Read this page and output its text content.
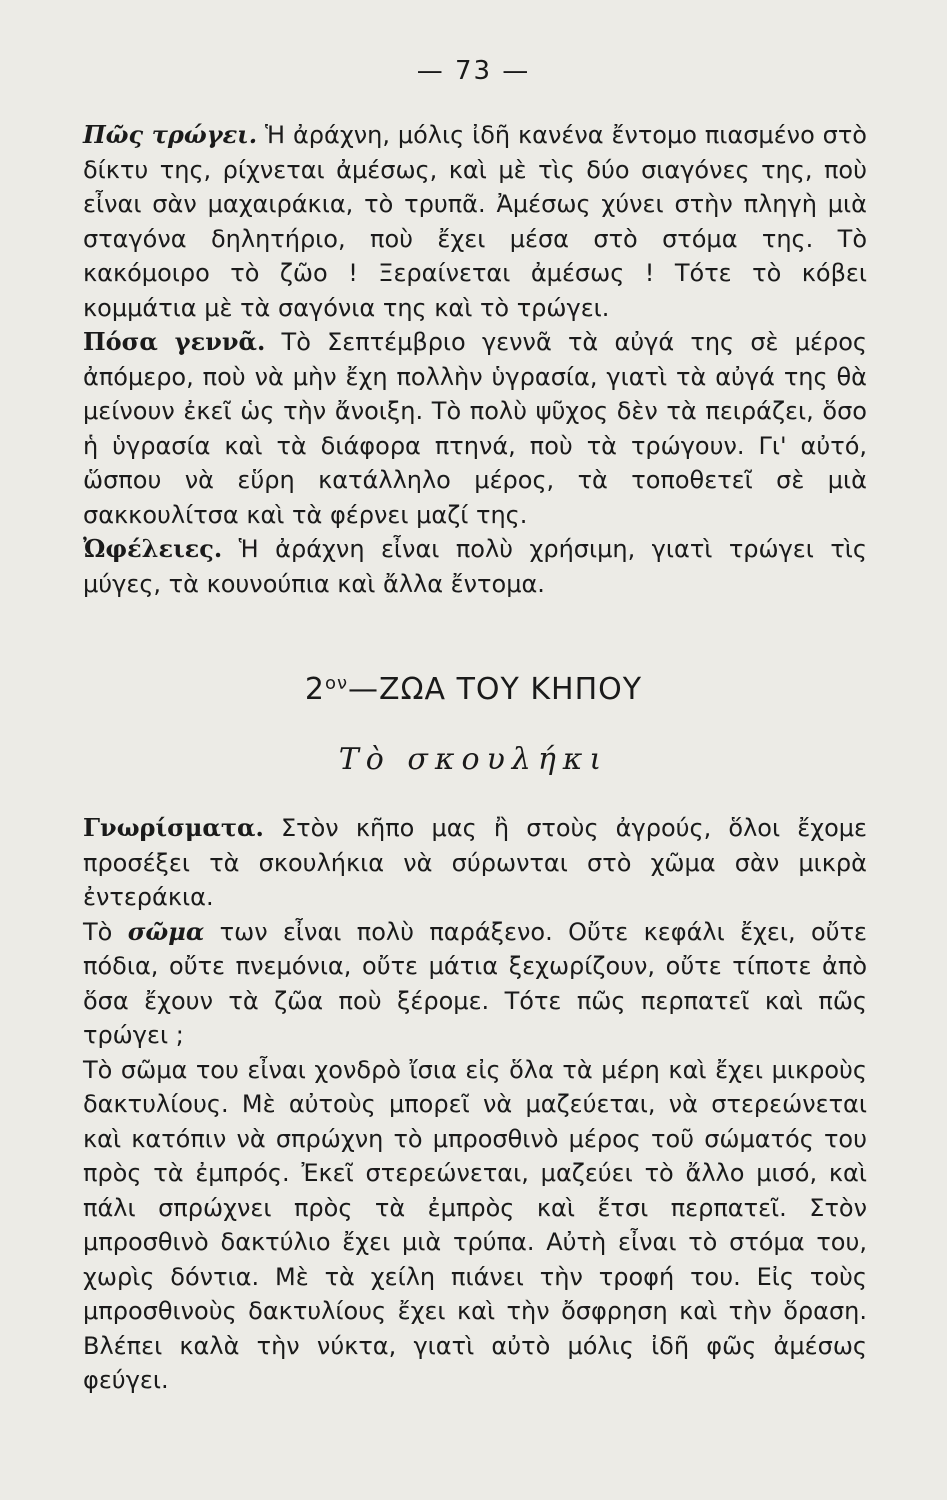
— 73 —

Πῶς τρώγει. Ἡ ἀράχνη, μόλις ἰδῆ κανένα ἔντομο πιασμένο στὸ δίκτυ της, ρίχνεται ἀμέσως, καὶ μὲ τὶς δύο σιαγόνες της, ποὺ εἶναι σὰν μαχαιράκια, τὸ τρυπᾶ. Ἀμέσως χύνει στὴν πληγὴ μιὰ σταγόνα δηλητήριο, ποὺ ἔχει μέσα στὸ στόμα της. Τὸ κακόμοιρο τὸ ζῶο ! Ξεραίνεται ἀμέσως ! Τότε τὸ κόβει κομμάτια μὲ τὰ σαγόνια της καὶ τὸ τρώγει.

Πόσα γεννᾶ. Τὸ Σεπτέμβριο γεννᾶ τὰ αὐγά της σὲ μέρος ἀπόμερο, ποὺ νὰ μὴν ἔχη πολλὴν ὑγρασία, γιατὶ τὰ αὐγά της θὰ μείνουν ἐκεῖ ὡς τὴν ἄνοιξη. Τὸ πολὺ ψῦχος δὲν τὰ πειράζει, ὅσο ἡ ὑγρασία καὶ τὰ διάφορα πτηνά, ποὺ τὰ τρώγουν. Γι' αὐτό, ὥσπου νὰ εὕρη κατάλληλο μέρος, τὰ τοποθετεῖ σὲ μιὰ σακκουλίτσα καὶ τὰ φέρνει μαζί της.

Ὠφέλειες. Ἡ ἀράχνη εἶναι πολὺ χρήσιμη, γιατὶ τρώγει τὶς μύγες, τὰ κουνούπια καὶ ἄλλα ἔντομα.

$2^{o\nu}—Z\Omega A$ ΤΟΥ ΚΗΠΟΥ
Τὸ σκουλήκι

Γνωρίσματα. Στὸν κῆπο μας ἢ στοὺς ἀγρούς, ὅλοι ἔχομε προσέξει τὰ σκουλήκια νὰ σύρωνται στὸ χῶμα σὰν μικρὰ ἐντεράκια.

Τὸ σῶμα των εἶναι πολὺ παράξενο. Οὔτε κεφάλι ἔχει, οὔτε πόδια, οὔτε πνεμόνια, οὔτε μάτια ξεχωρίζουν, οὔτε τίποτε ἀπὸ ὅσα ἔχουν τὰ ζῶα ποὺ ξέρομε. Τότε πῶς περπατεῖ καὶ πῶς τρώγει ;

Τὸ σῶμα του εἶναι χονδρὸ ἴσια εἰς ὅλα τὰ μέρη καὶ ἔχει μικροὺς δακτυλίους. Μὲ αὐτοὺς μπορεῖ νὰ μαζεύεται, νὰ στερεώνεται καὶ κατόπιν νὰ σπρώχνη τὸ μπροσθινὸ μέρος τοῦ σώματός του πρὸς τὰ ἐμπρός. Ἐκεῖ στερεώνεται, μαζεύει τὸ ἄλλο μισό, καὶ πάλι σπρώχνει πρὸς τὰ ἐμπρὸς καὶ ἔτσι περπατεῖ. Στὸν μπροσθινὸ δακτύλιο ἔχει μιὰ τρύπα. Αὐτὴ εἶναι τὸ στόμα του, χωρὶς δόντια. Μὲ τὰ χείλη πιάνει τὴν τροφή του. Εἰς τοὺς μπροσθινοὺς δακτυλίους ἔχει καὶ τὴν ὄσφρηση καὶ τὴν ὅραση. Βλέπει καλὰ τὴν νύκτα, γιατὶ αὐτὸ μόλις ἰδῆ φῶς ἀμέσως φεύγει.
